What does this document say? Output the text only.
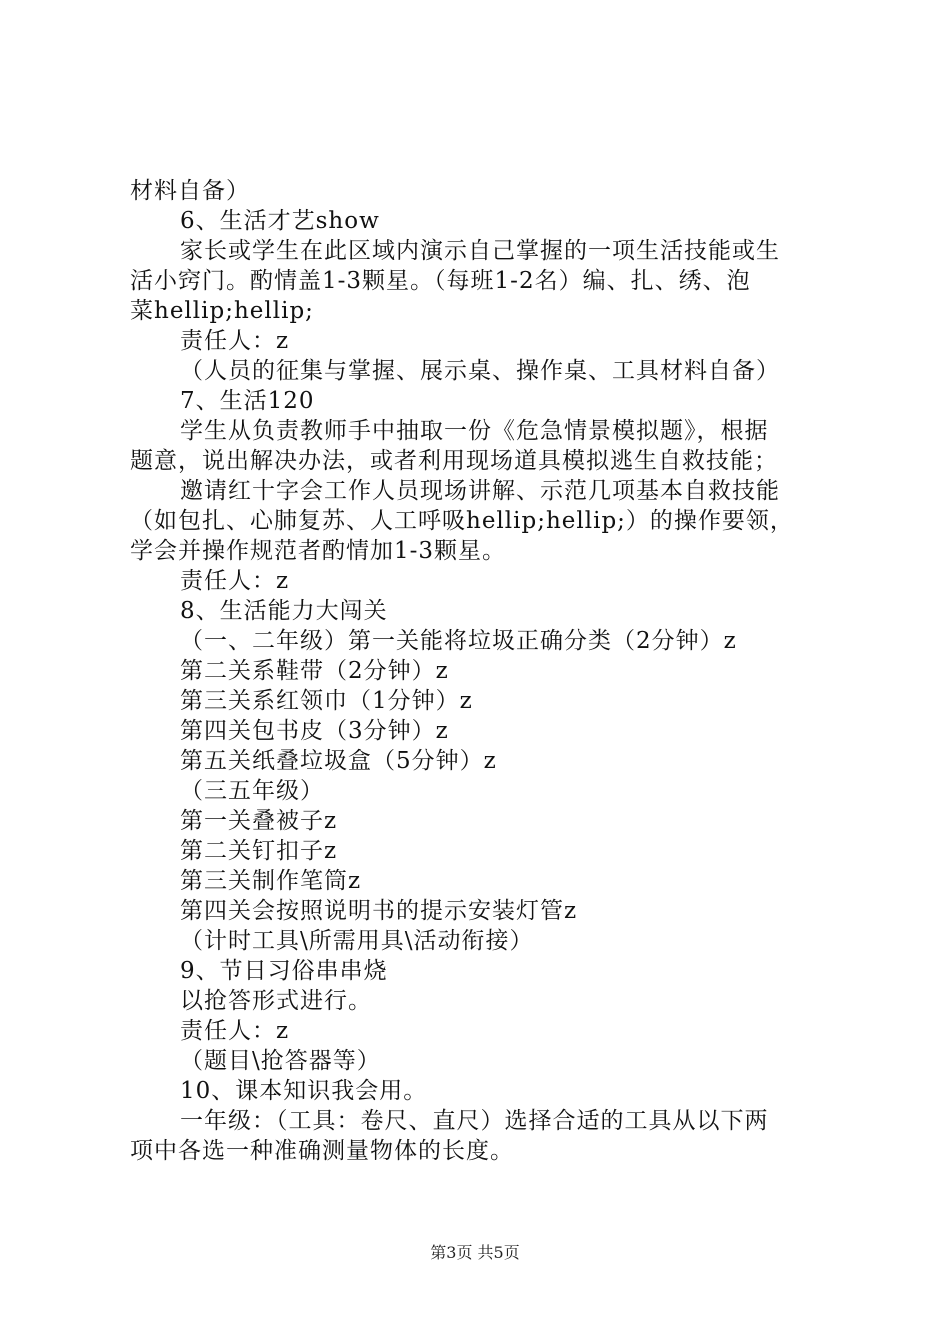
材料自备）
6、生活才艺show
家长或学生在此区域内演示自己掌握的一项生活技能或生
活小窍门。酌情盖1-3颗星。（每班1-2名）编、扎、绣、泡
菜hellip;hellip;
责任人：z
（人员的征集与掌握、展示桌、操作桌、工具材料自备）
7、生活120
学生从负责教师手中抽取一份《危急情景模拟题》，根据
题意，说出解决办法，或者利用现场道具模拟逃生自救技能；
邀请红十字会工作人员现场讲解、示范几项基本自救技能
（如包扎、心肺复苏、人工呼吸hellip;hellip;）的操作要领，
学会并操作规范者酌情加1-3颗星。
责任人：z
8、生活能力大闯关
（一、二年级）第一关能将垃圾正确分类（2分钟）z
第二关系鞋带（2分钟）z
第三关系红领巾（1分钟）z
第四关包书皮（3分钟）z
第五关纸叠垃圾盒（5分钟）z
（三五年级）
第一关叠被子z
第二关钉扣子z
第三关制作笔筒z
第四关会按照说明书的提示安装灯管z
（计时工具\所需用具\活动衔接）
9、节日习俗串串烧
以抢答形式进行。
责任人：z
（题目\抢答器等）
10、课本知识我会用。
一年级：（工具：卷尺、直尺）选择合适的工具从以下两
项中各选一种准确测量物体的长度。
第3页 共5页
